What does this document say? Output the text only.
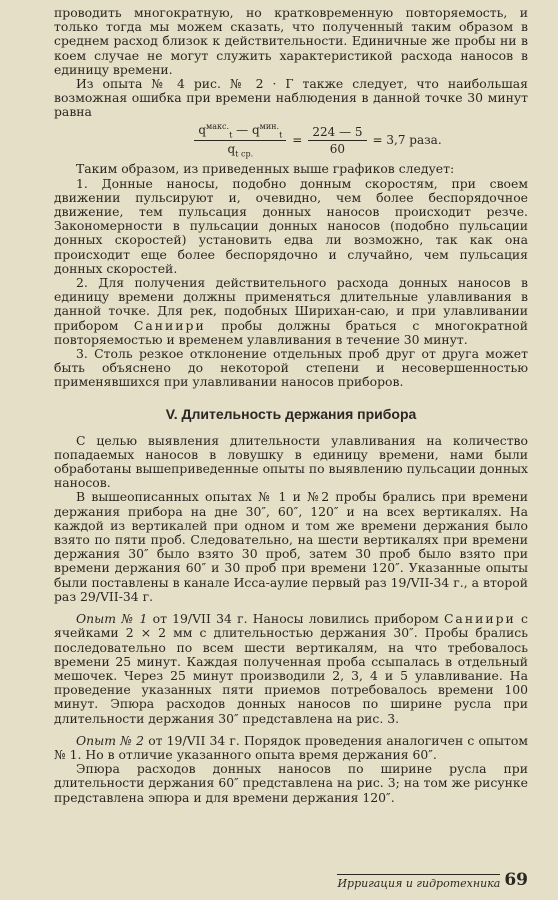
проводить многократную, но кратковременную повторяемость, и только тогда мы можем сказать, что полученный таким образом в среднем расход близок к действительности. Единичные же пробы ни в коем случае не могут служить характеристикой расхода наносов в единицу времени.

Из опыта № 4 рис. № 2 · Г также следует, что наибольшая возможная ошибка при времени наблюдения в данной точке 30 минут равна

$\frac{q^{макс.}_t — q^{мин.}_t}{q_{t ср.}} = \frac{224 — 5}{60} = 3,7$ раза.

Таким образом, из приведенных выше графиков следует:

1. Донные наносы, подобно донным скоростям, при своем движении пульсируют и, очевидно, чем более беспорядочное движение, тем пульсация донных наносов происходит резче. Закономерности в пульсации донных наносов (подобно пульсации донных скоростей) установить едва ли возможно, так как она происходит еще более беспорядочно и случайно, чем пульсация донных скоростей.

2. Для получения действительного расхода донных наносов в единицу времени должны применяться длительные улавливания в данной точке. Для рек, подобных Ширихан-саю, и при улавливании прибором Саниири пробы должны браться с многократной повторяемостью и временем улавливания в течение 30 минут.

3. Столь резкое отклонение отдельных проб друг от друга может быть объяснено до некоторой степени и несовершенностью применявшихся при улавливании наносов приборов.

V. Длительность держания прибора

С целью выявления длительности улавливания на количество попадаемых наносов в ловушку в единицу времени, нами были обработаны вышеприведенные опыты по выявлению пульсации донных наносов.

В вышеописанных опытах № 1 и №2 пробы брались при времени держания прибора на дне 30″, 60″, 120″ и на всех вертикалях. На каждой из вертикалей при одном и том же времени держания было взято по пяти проб. Следовательно, на шести вертикалях при времени держания 30″ было взято 30 проб, затем 30 проб было взято при времени держания 60″ и 30 проб при времени 120″. Указанные опыты были поставлены в канале Исса-аулие первый раз 19/VII-34 г., а второй раз 29/VII-34 г.

Опыт № 1 от 19/VII 34 г. Наносы ловились прибором Саниири с ячейками 2 × 2 мм с длительностью держания 30″. Пробы брались последовательно по всем шести вертикалям, на что требовалось времени 25 минут. Каждая полученная проба ссыпалась в отдельный мешочек. Через 25 минут производили 2, 3, 4 и 5 улавливание. На проведение указанных пяти приемов потребовалось времени 100 минут. Эпюра расходов донных наносов по ширине русла при длительности держания 30″ представлена на рис. 3.

Опыт № 2 от 19/VII 34 г. Порядок проведения аналогичен с опытом № 1. Но в отличие указанного опыта время держания 60″.

Эпюра расходов донных наносов по ширине русла при длительности держания 60″ представлена на рис. 3; на том же рисунке представлена эпюра и для времени держания 120″.

Ирригация и гидротехника 69
